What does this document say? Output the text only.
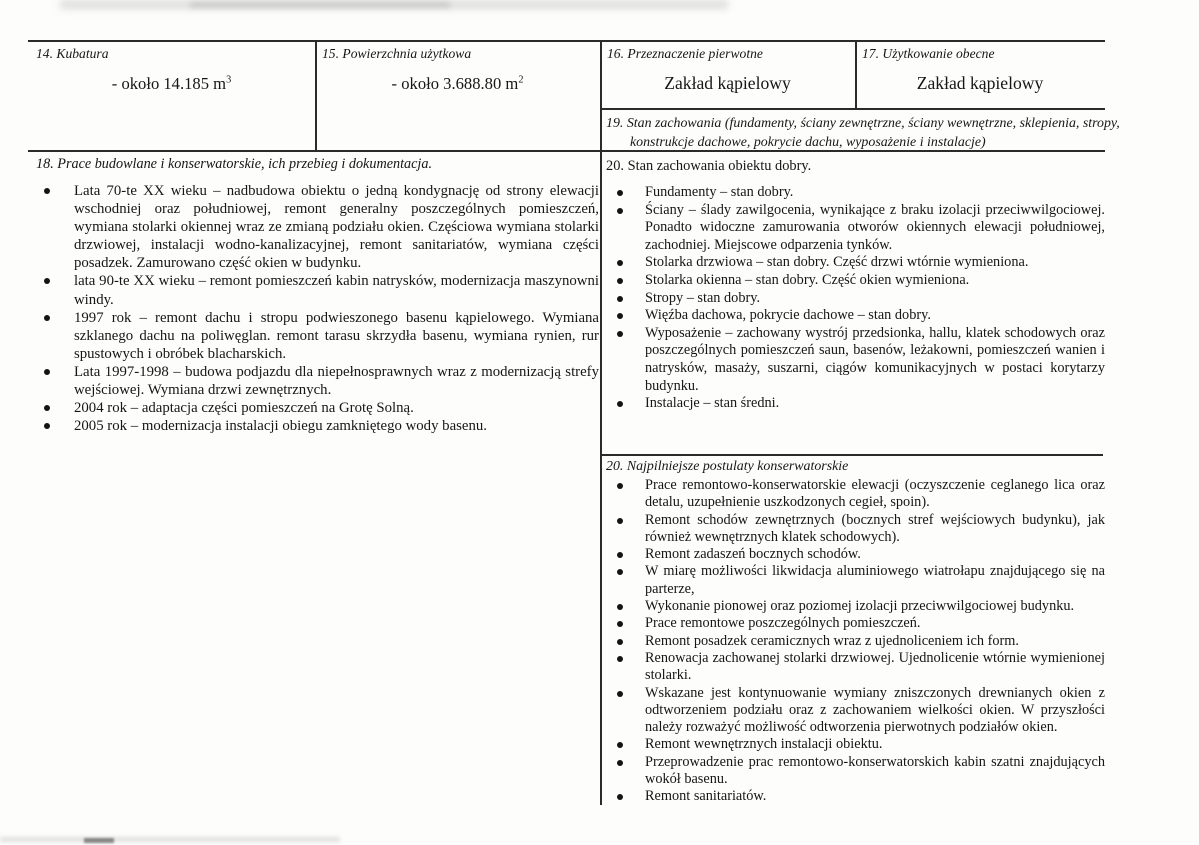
14. Kubatura
- około 14.185 $m^3$
15. Powierzchnia użytkowa
- około 3.688.80 $m^2$
16. Przeznaczenie pierwotne
Zakład kąpielowy
17. Użytkowanie obecne
Zakład kąpielowy
19. Stan zachowania (fundamenty, ściany zewnętrzne, ściany wewnętrzne, sklepienia, stropy, konstrukcje dachowe, pokrycie dachu, wyposażenie i instalacje)
18. Prace budowlane i konserwatorskie, ich przebieg i dokumentacja.
Lata 70-te XX wieku – nadbudowa obiektu o jedną kondygnację od strony elewacji wschodniej oraz południowej, remont generalny poszczególnych pomieszczeń, wymiana stolarki okiennej wraz ze zmianą podziału okien. Częściowa wymiana stolarki drzwiowej, instalacji wodno-kanalizacyjnej, remont sanitariatów, wymiana części posadzek. Zamurowano część okien w budynku.
lata 90-te XX wieku – remont pomieszczeń kabin natrysków, modernizacja maszynowni windy.
1997 rok – remont dachu i stropu podwieszonego basenu kąpielowego. Wymiana szklanego dachu na poliwęglan. remont tarasu skrzydła basenu, wymiana rynien, rur spustowych i obróbek blacharskich.
Lata 1997-1998 – budowa podjazdu dla niepełnosprawnych wraz z modernizacją strefy wejściowej. Wymiana drzwi zewnętrznych.
2004 rok – adaptacja części pomieszczeń na Grotę Solną.
2005 rok – modernizacja instalacji obiegu zamkniętego wody basenu.
20. Stan zachowania obiektu dobry.
Fundamenty – stan dobry.
Ściany – ślady zawilgocenia, wynikające z braku izolacji przeciwwilgociowej. Ponadto widoczne zamurowania otworów okiennych elewacji południowej, zachodniej. Miejscowe odparzenia tynków.
Stolarka drzwiowa – stan dobry. Część drzwi wtórnie wymieniona.
Stolarka okienna – stan dobry. Część okien wymieniona.
Stropy – stan dobry.
Więźba dachowa, pokrycie dachowe – stan dobry.
Wyposażenie – zachowany wystrój przedsionka, hallu, klatek schodowych oraz poszczególnych pomieszczeń saun, basenów, leżakowni, pomieszczeń wanien i natrysków, masaży, suszarni, ciągów komunikacyjnych w postaci korytarzy budynku.
Instalacje – stan średni.
20. Najpilniejsze postulaty konserwatorskie
Prace remontowo-konserwatorskie elewacji (oczyszczenie ceglanego lica oraz detalu, uzupełnienie uszkodzonych cegieł, spoin).
Remont schodów zewnętrznych (bocznych stref wejściowych budynku), jak również wewnętrznych klatek schodowych).
Remont zadaszeń bocznych schodów.
W miarę możliwości likwidacja aluminiowego wiatrołapu znajdującego się na parterze,
Wykonanie pionowej oraz poziomej izolacji przeciwwilgociowej budynku.
Prace remontowe poszczególnych pomieszczeń.
Remont posadzek ceramicznych wraz z ujednoliceniem ich form.
Renowacja zachowanej stolarki drzwiowej. Ujednolicenie wtórnie wymienionej stolarki.
Wskazane jest kontynuowanie wymiany zniszczonych drewnianych okien z odtworzeniem podziału oraz z zachowaniem wielkości okien. W przyszłości należy rozważyć możliwość odtworzenia pierwotnych podziałów okien.
Remont wewnętrznych instalacji obiektu.
Przeprowadzenie prac remontowo-konserwatorskich kabin szatni znajdujących wokół basenu.
Remont sanitariatów.
